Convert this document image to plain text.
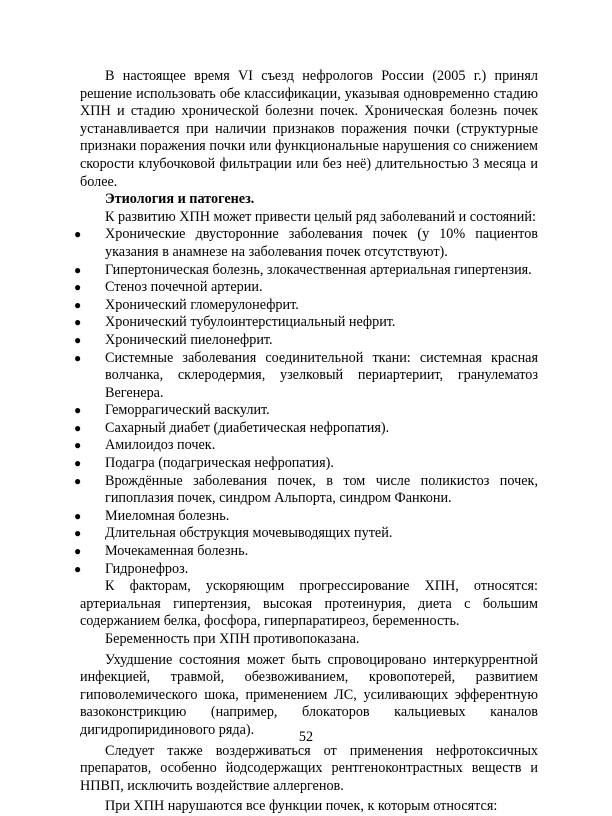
В настоящее время VI съезд нефрологов России (2005 г.) принял решение использовать обе классификации, указывая одновременно стадию ХПН и стадию хронической болезни почек. Хроническая болезнь почек устанавливается при наличии признаков поражения почки (структурные признаки поражения почки или функциональные нарушения со снижением скорости клубочковой фильтрации или без неё) длительностью 3 месяца и более.

Этиология и патогенез.

К развитию ХПН может привести целый ряд заболеваний и состояний:

● Хронические двусторонние заболевания почек (у 10% пациентов указания в анамнезе на заболевания почек отсутствуют).
● Гипертоническая болезнь, злокачественная артериальная гипертензия.
● Стеноз почечной артерии.
● Хронический гломерулонефрит.
● Хронический тубулоинтерстициальный нефрит.
● Хронический пиелонефрит.
● Системные заболевания соединительной ткани: системная красная волчанка, склеродермия, узелковый периартериит, гранулематоз Вегенера.
● Геморрагический васкулит.
● Сахарный диабет (диабетическая нефропатия).
● Амилоидоз почек.
● Подагра (подагрическая нефропатия).
● Врождённые заболевания почек, в том числе поликистоз почек, гипоплазия почек, синдром Альпорта, синдром Фанкони.
● Миеломная болезнь.
● Длительная обструкция мочевыводящих путей.
● Мочекаменная болезнь.
● Гидронефроз.

К факторам, ускоряющим прогрессирование ХПН, относятся: артериальная гипертензия, высокая протеинурия, диета с большим содержанием белка, фосфора, гиперпаратиреоз, беременность.

Беременность при ХПН противопоказана.

Ухудшение состояния может быть спровоцировано интеркуррентной инфекцией, травмой, обезвоживанием, кровопотерей, развитием гиповолемического шока, применением ЛС, усиливающих эфферентную вазоконстрикцию (например, блокаторов кальциевых каналов дигидропиридинового ряда).

Следует также воздерживаться от применения нефротоксичных препаратов, особенно йодсодержащих рентгеноконтрастных веществ и НПВП, исключить воздействие аллергенов.

При ХПН нарушаются все функции почек, к которым относятся:

52
